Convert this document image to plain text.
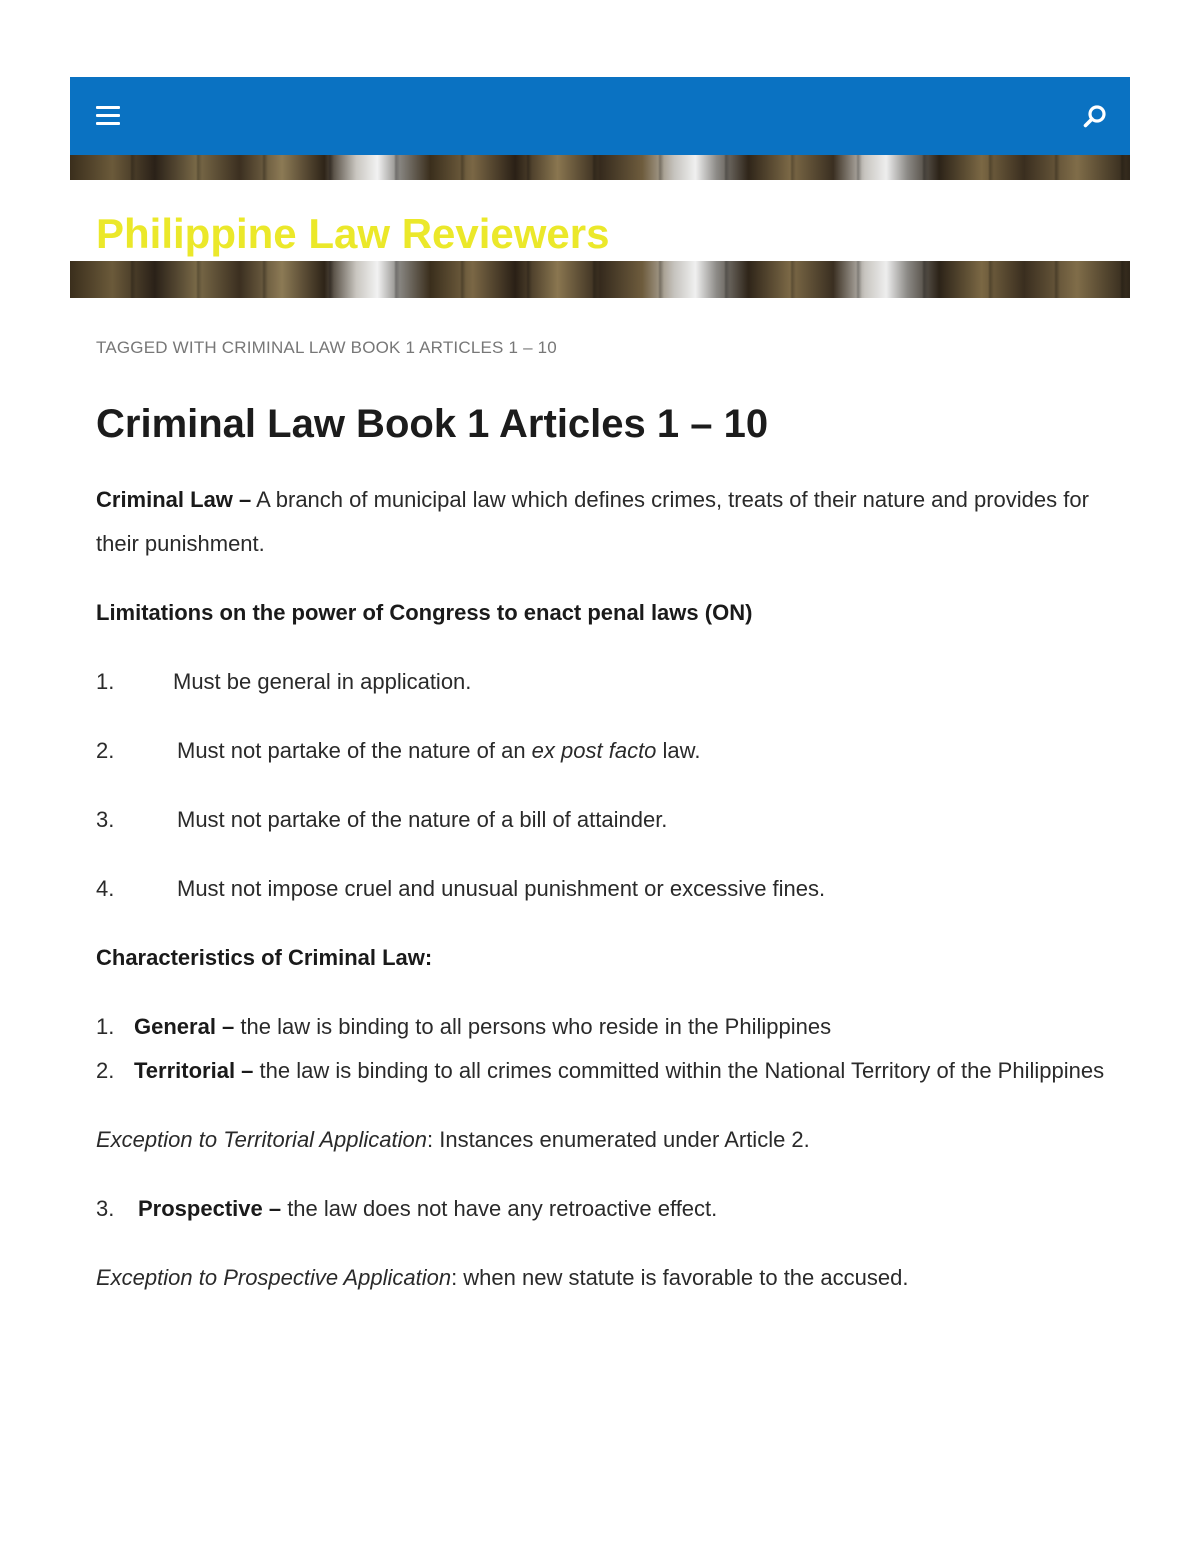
Philippine Law Reviewers
TAGGED WITH CRIMINAL LAW BOOK 1 ARTICLES 1 – 10
Criminal Law Book 1 Articles 1 – 10

Criminal Law – A branch of municipal law which defines crimes, treats of their nature and provides for their punishment.

Limitations on the power of Congress to enact penal laws (ON)

1.	Must be general in application.
2.	Must not partake of the nature of an ex post facto law.
3.	Must not partake of the nature of a bill of attainder.
4.	Must not impose cruel and unusual punishment or excessive fines.

Characteristics of Criminal Law:

1. General – the law is binding to all persons who reside in the Philippines
2. Territorial – the law is binding to all crimes committed within the National Territory of the Philippines

Exception to Territorial Application: Instances enumerated under Article 2.

3. Prospective – the law does not have any retroactive effect.

Exception to Prospective Application: when new statute is favorable to the accused.
